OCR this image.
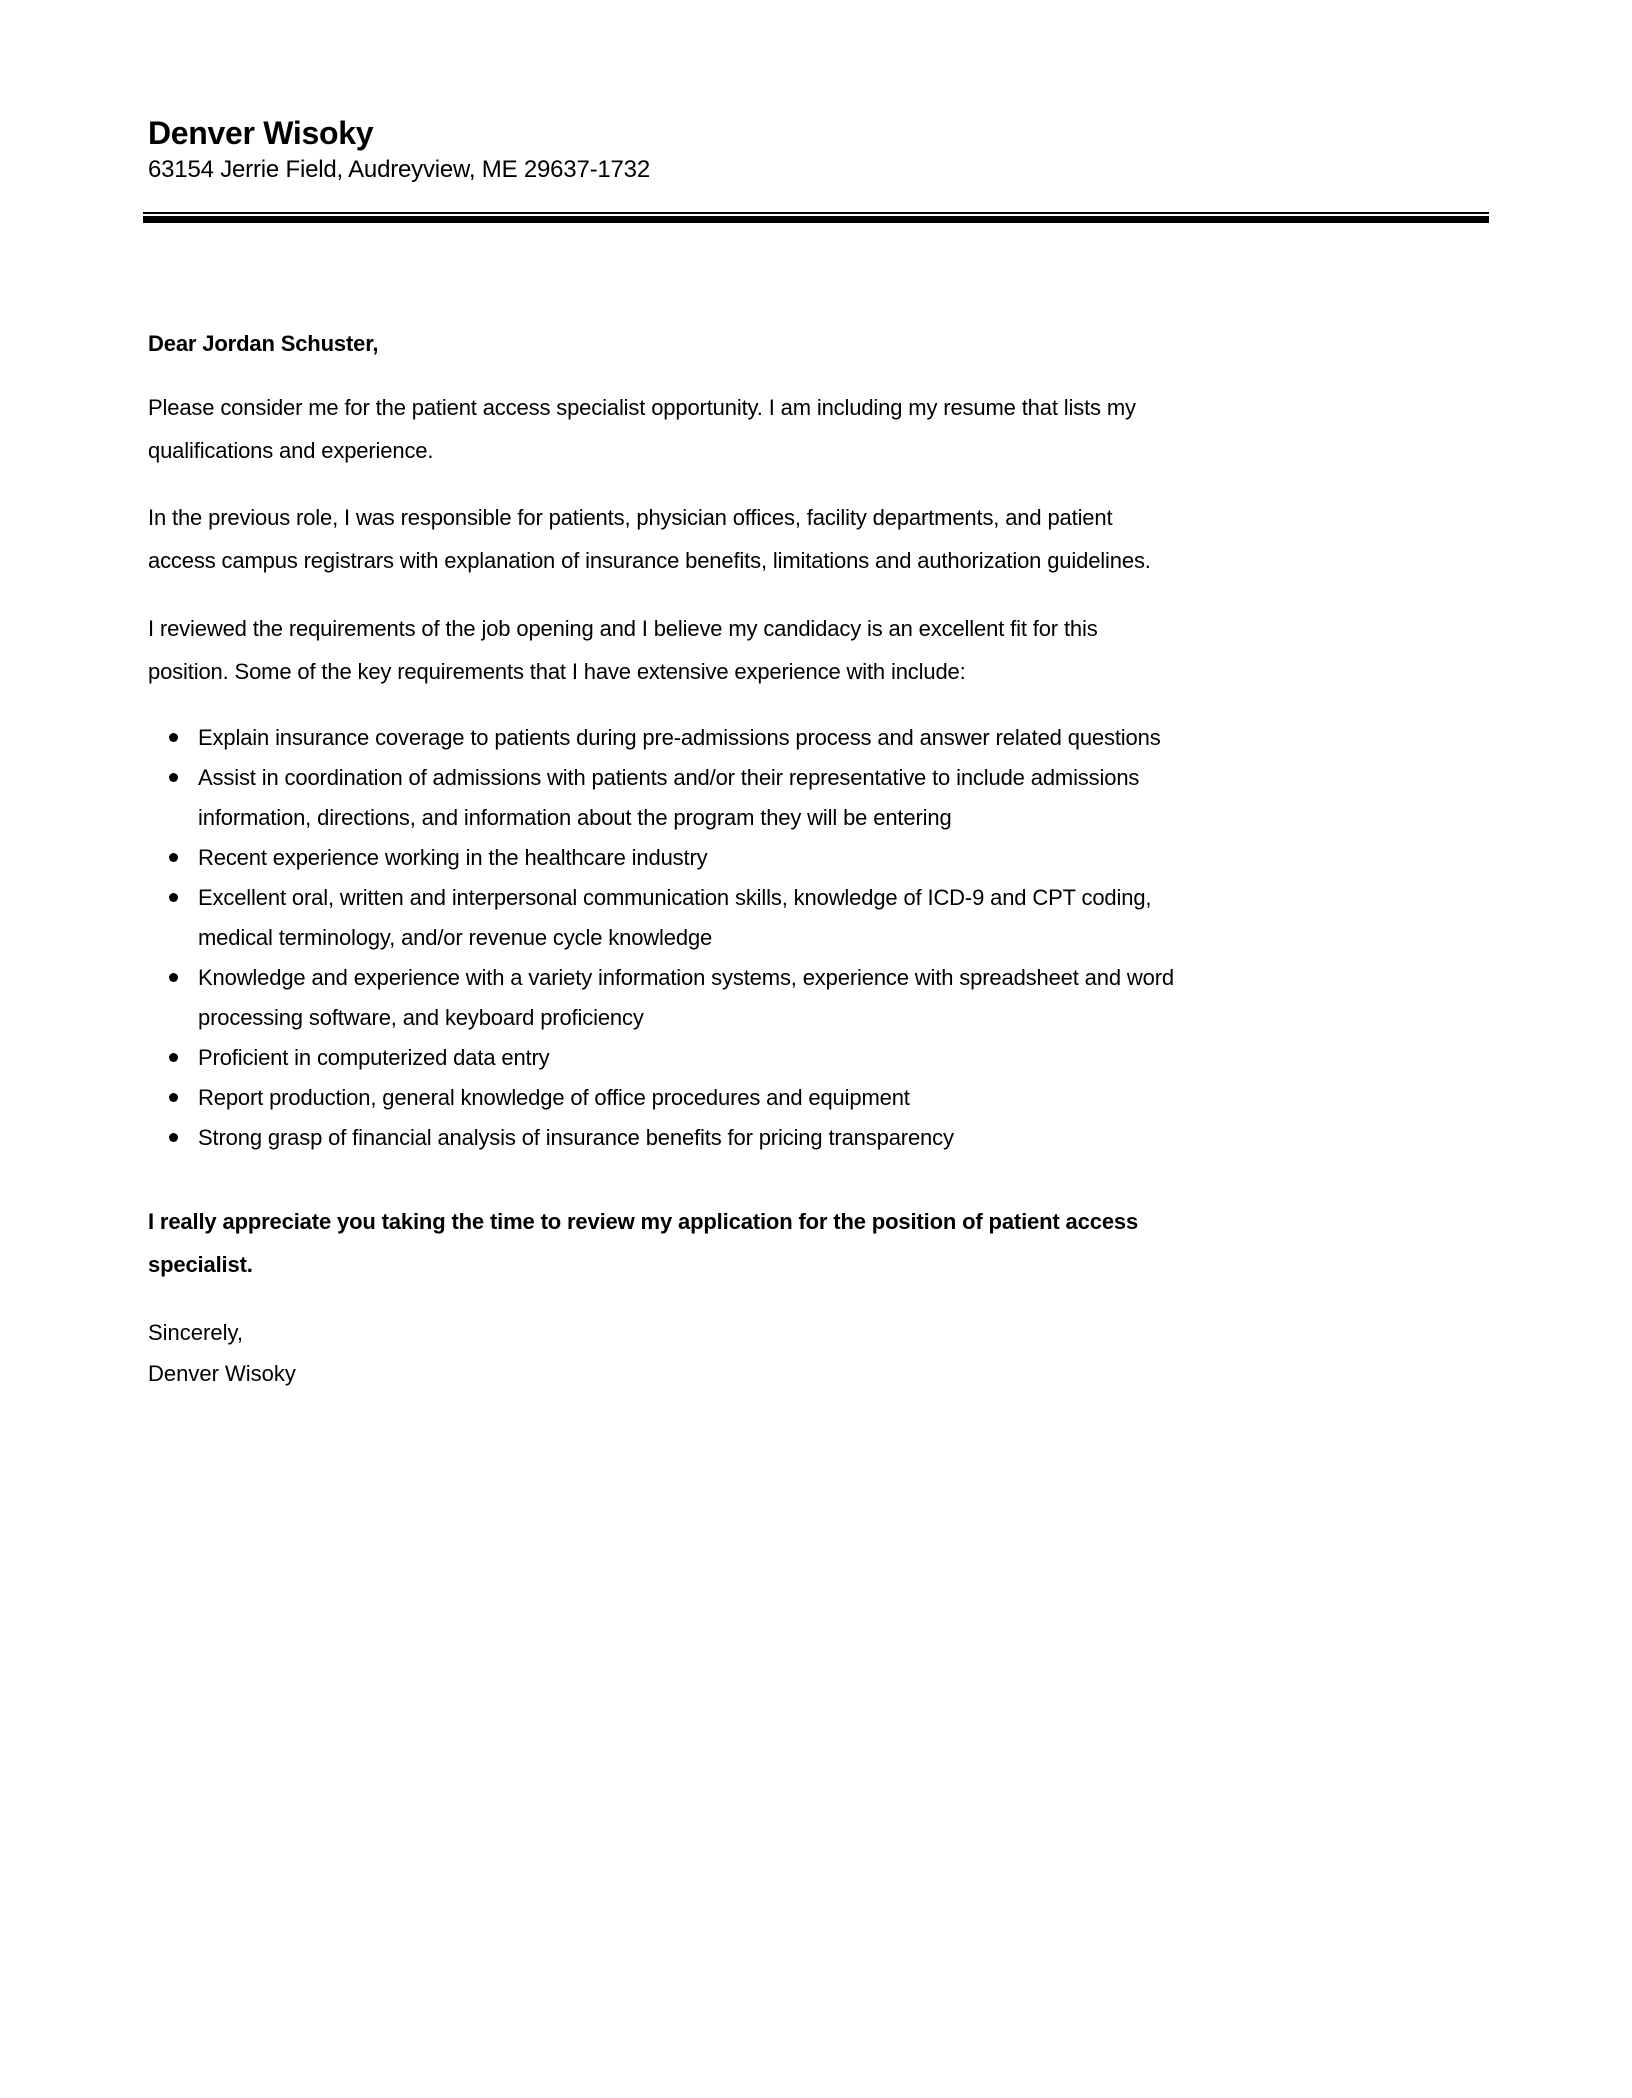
Denver Wisoky
63154 Jerrie Field, Audreyview, ME 29637-1732
Dear Jordan Schuster,
Please consider me for the patient access specialist opportunity. I am including my resume that lists my
qualifications and experience.
In the previous role, I was responsible for patients, physician offices, facility departments, and patient
access campus registrars with explanation of insurance benefits, limitations and authorization guidelines.
I reviewed the requirements of the job opening and I believe my candidacy is an excellent fit for this
position. Some of the key requirements that I have extensive experience with include:
Explain insurance coverage to patients during pre-admissions process and answer related questions
Assist in coordination of admissions with patients and/or their representative to include admissions
information, directions, and information about the program they will be entering
Recent experience working in the healthcare industry
Excellent oral, written and interpersonal communication skills, knowledge of ICD-9 and CPT coding,
medical terminology, and/or revenue cycle knowledge
Knowledge and experience with a variety information systems, experience with spreadsheet and word
processing software, and keyboard proficiency
Proficient in computerized data entry
Report production, general knowledge of office procedures and equipment
Strong grasp of financial analysis of insurance benefits for pricing transparency
I really appreciate you taking the time to review my application for the position of patient access
specialist.
Sincerely,
Denver Wisoky
